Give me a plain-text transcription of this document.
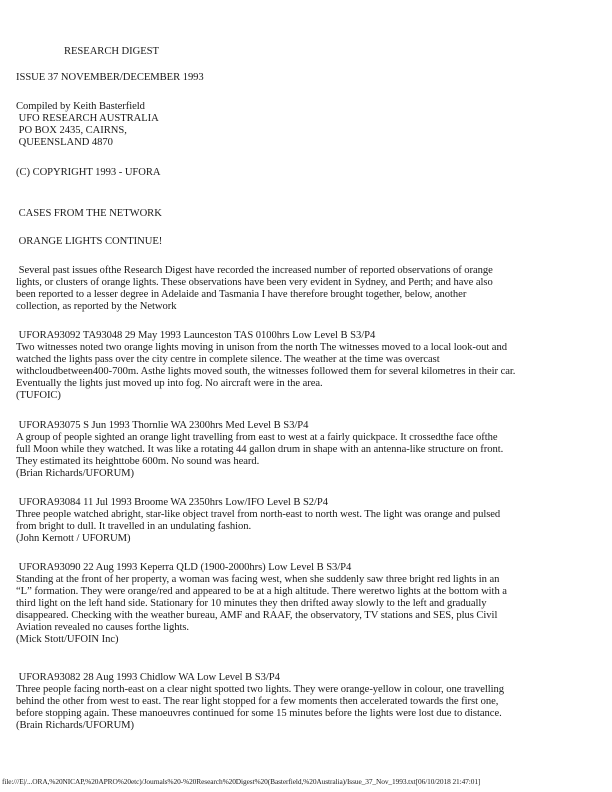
RESEARCH DIGEST
ISSUE 37 NOVEMBER/DECEMBER 1993
Compiled by Keith Basterfield
UFO RESEARCH AUSTRALIA
PO BOX 2435, CAIRNS,
QUEENSLAND 4870
(C) COPYRIGHT 1993 - UFORA
CASES FROM THE NETWORK
ORANGE LIGHTS CONTINUE!
Several past issues ofthe Research Digest have recorded the increased number of reported observations of orange
lights, or clusters of orange lights. These observations have been very evident in Sydney, and Perth; and have also
been reported to a lesser degree in Adelaide and Tasmania I have therefore brought together, below, another
collection, as reported by the Network
UFORA93092 TA93048 29 May 1993 Launceston TAS 0100hrs Low Level B S3/P4
Two witnesses noted two orange lights moving in unison from the north The witnesses moved to a local look-out and
watched the lights pass over the city centre in complete silence. The weather at the time was overcast
withcloudbetween400-700m. Asthe lights moved south, the witnesses followed them for several kilometres in their car.
Eventually the lights just moved up into fog. No aircraft were in the area.
(TUFOIC)
UFORA93075 S Jun 1993 Thornlie WA 2300hrs Med Level B S3/P4
A group of people sighted an orange light travelling from east to west at a fairly quickpace. It crossedthe face ofthe
full Moon while they watched. It was like a rotating 44 gallon drum in shape with an antenna-like structure on front.
They estimated its heighttobe 600m. No sound was heard.
(Brian Richards/UFORUM)
UFORA93084 11 Jul 1993 Broome WA 2350hrs Low/IFO Level B S2/P4
Three people watched abright, star-like object travel from north-east to north west. The light was orange and pulsed
from bright to dull. It travelled in an undulating fashion.
(John Kernott / UFORUM)
UFORA93090 22 Aug 1993 Keperra QLD (1900-2000hrs) Low Level B S3/P4
Standing at the front of her property, a woman was facing west, when she suddenly saw three bright red lights in an
“L” formation. They were orange/red and appeared to be at a high altitude. There weretwo lights at the bottom with a
third light on the left hand side. Stationary for 10 minutes they then drifted away slowly to the left and gradually
disappeared. Checking with the weather bureau, AMF and RAAF, the observatory, TV stations and SES, plus Civil
Aviation revealed no causes forthe lights.
(Mick Stott/UFOIN Inc)
UFORA93082 28 Aug 1993 Chidlow WA Low Level B S3/P4
Three people facing north-east on a clear night spotted two lights. They were orange-yellow in colour, one travelling
behind the other from west to east. The rear light stopped for a few moments then accelerated towards the first one,
before stopping again. These manoeuvres continued for some 15 minutes before the lights were lost due to distance.
(Brain Richards/UFORUM)
file:///E|/...ORA,%20NICAP,%20APRO%20etc)/Journals%20-%20Research%20Digest%20(Basterfield,%20Australia)/Issue_37_Nov_1993.txt[06/10/2018 21:47:01]
